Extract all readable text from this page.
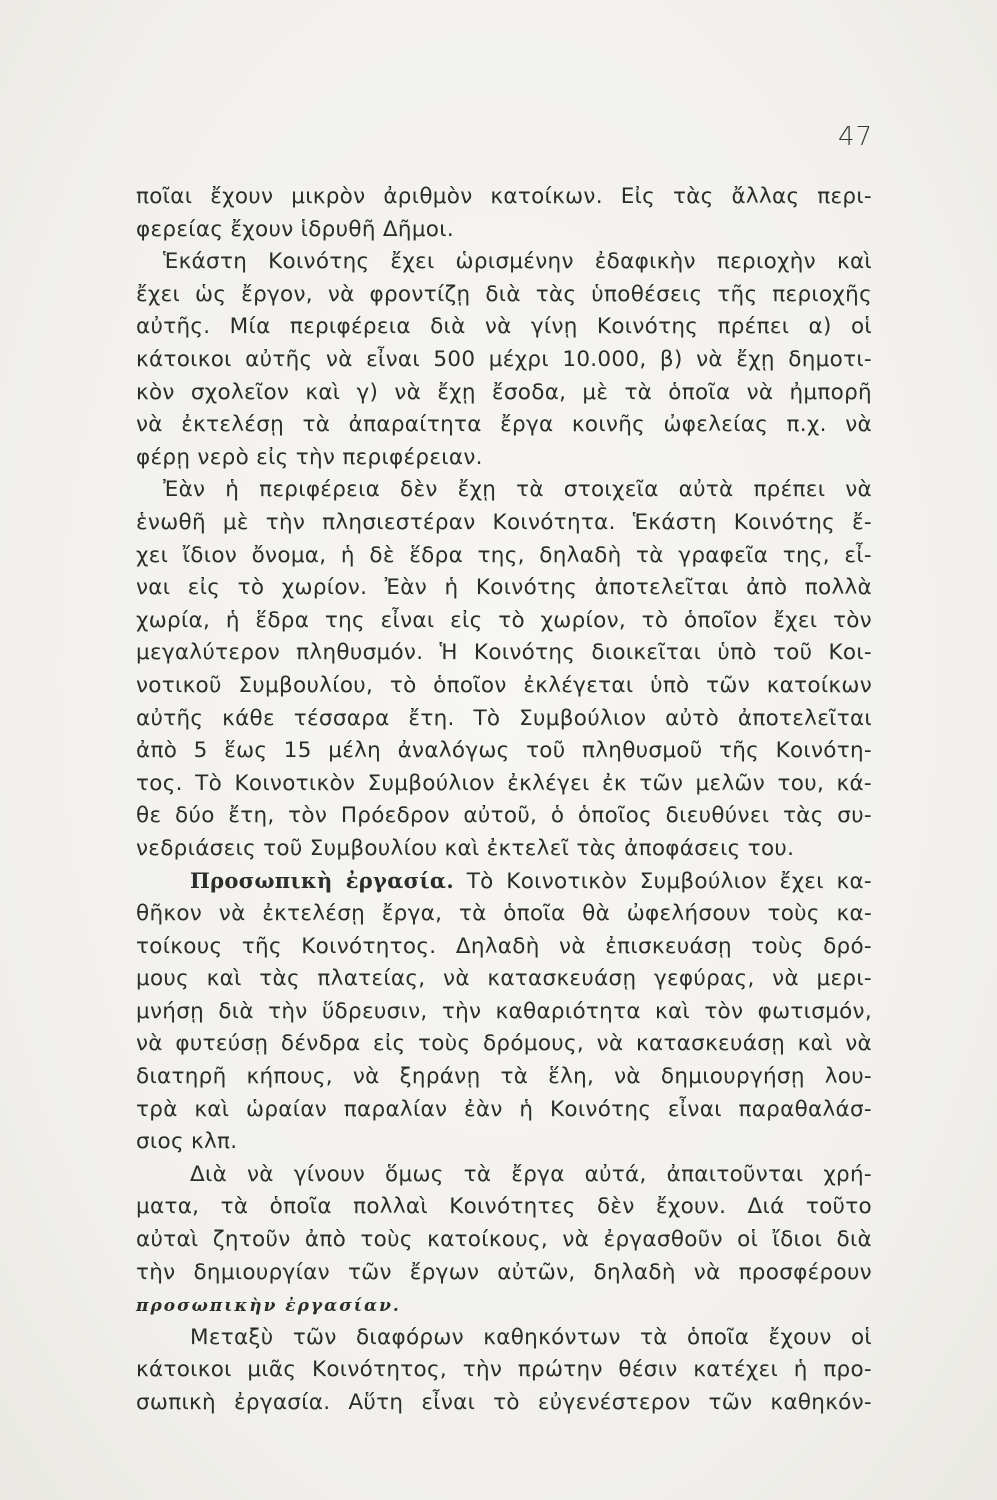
47
ποῖαι ἔχουν μικρὸν ἀριθμὸν κατοίκων. Εἰς τὰς ἄλλας περι-
φερείας ἔχουν ἱδρυθῆ Δῆμοι.
Ἑκάστη Κοινότης ἔχει ὡρισμένην ἐδαφικὴν περιοχὴν καὶ
ἔχει ὡς ἔργον, νὰ φροντίζῃ διὰ τὰς ὑποθέσεις τῆς περιοχῆς
αὐτῆς. Μία περιφέρεια διὰ νὰ γίνῃ Κοινότης πρέπει α) οἱ
κάτοικοι αὐτῆς νὰ εἶναι 500 μέχρι 10.000, β) νὰ ἔχῃ δημοτι-
κὸν σχολεῖον καὶ γ) νὰ ἔχῃ ἔσοδα, μὲ τὰ ὁποῖα νὰ ἠμπορῆ
νὰ ἐκτελέσῃ τὰ ἀπαραίτητα ἔργα κοινῆς ὠφελείας π.χ. νὰ
φέρῃ νερὸ εἰς τὴν περιφέρειαν.
Ἐὰν ἡ περιφέρεια δὲν ἔχῃ τὰ στοιχεῖα αὐτὰ πρέπει νὰ
ἑνωθῆ μὲ τὴν πλησιεστέραν Κοινότητα. Ἑκάστη Κοινότης ἔ-
χει ἴδιον ὄνομα, ἡ δὲ ἕδρα της, δηλαδὴ τὰ γραφεῖα της, εἶ-
ναι εἰς τὸ χωρίον. Ἐὰν ἡ Κοινότης ἀποτελεῖται ἀπὸ πολλὰ
χωρία, ἡ ἕδρα της εἶναι εἰς τὸ χωρίον, τὸ ὁποῖον ἔχει τὸν
μεγαλύτερον πληθυσμόν. Ἡ Κοινότης διοικεῖται ὑπὸ τοῦ Κοι-
νοτικοῦ Συμβουλίου, τὸ ὁποῖον ἐκλέγεται ὑπὸ τῶν κατοίκων
αὐτῆς κάθε τέσσαρα ἔτη. Τὸ Συμβούλιον αὐτὸ ἀποτελεῖται
ἀπὸ 5 ἕως 15 μέλη ἀναλόγως τοῦ πληθυσμοῦ τῆς Κοινότη-
τος. Τὸ Κοινοτικὸν Συμβούλιον ἐκλέγει ἐκ τῶν μελῶν του, κά-
θε δύο ἔτη, τὸν Πρόεδρον αὐτοῦ, ὁ ὁποῖος διευθύνει τὰς συ-
νεδριάσεις τοῦ Συμβουλίου καὶ ἐκτελεῖ τὰς ἀποφάσεις του.
Προσωπικὴ ἐργασία. Τὸ Κοινοτικὸν Συμβούλιον ἔχει κα-
θῆκον νὰ ἐκτελέσῃ ἔργα, τὰ ὁποῖα θὰ ὠφελήσουν τοὺς κα-
τοίκους τῆς Κοινότητος. Δηλαδὴ νὰ ἐπισκευάσῃ τοὺς δρό-
μους καὶ τὰς πλατείας, νὰ κατασκευάσῃ γεφύρας, νὰ μερι-
μνήσῃ διὰ τὴν ὕδρευσιν, τὴν καθαριότητα καὶ τὸν φωτισμόν,
νὰ φυτεύσῃ δένδρα εἰς τοὺς δρόμους, νὰ κατασκευάσῃ καὶ νὰ
διατηρῆ κήπους, νὰ ξηράνῃ τὰ ἕλη, νὰ δημιουργήσῃ λου-
τρὰ καὶ ὡραίαν παραλίαν ἐὰν ἡ Κοινότης εἶναι παραθαλάσ-
σιος κλπ.
Διὰ νὰ γίνουν ὅμως τὰ ἔργα αὐτά, ἀπαιτοῦνται χρή-
ματα, τὰ ὁποῖα πολλαὶ Κοινότητες δὲν ἔχουν. Διά τοῦτο
αὐταὶ ζητοῦν ἀπὸ τοὺς κατοίκους, νὰ ἐργασθοῦν οἱ ἴδιοι διὰ
τὴν δημιουργίαν τῶν ἔργων αὐτῶν, δηλαδὴ νὰ προσφέρουν
προσωπικὴν ἐργασίαν.
Μεταξὺ τῶν διαφόρων καθηκόντων τὰ ὁποῖα ἔχουν οἱ
κάτοικοι μιᾶς Κοινότητος, τὴν πρώτην θέσιν κατέχει ἡ προ-
σωπικὴ ἐργασία. Αὕτη εἶναι τὸ εὐγενέστερον τῶν καθηκόν-
